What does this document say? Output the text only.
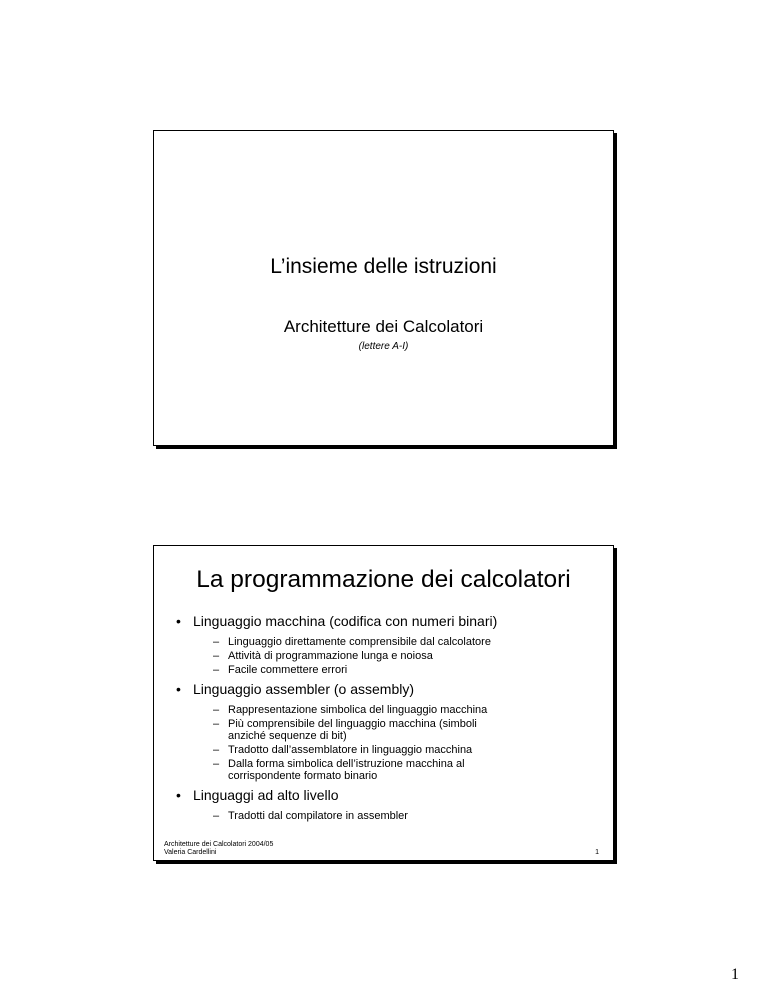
L’insieme delle istruzioni
Architetture dei Calcolatori
(lettere A-I)
La programmazione dei calcolatori
• Linguaggio macchina (codifica con numeri binari)
– Linguaggio direttamente comprensibile dal calcolatore
– Attività di programmazione lunga e noiosa
– Facile commettere errori
• Linguaggio assembler (o assembly)
– Rappresentazione simbolica del linguaggio macchina
– Più comprensibile del linguaggio macchina (simboli anziché sequenze di bit)
– Tradotto dall’assemblatore in linguaggio macchina
– Dalla forma simbolica dell’istruzione macchina al corrispondente formato binario
• Linguaggi ad alto livello
– Tradotti dal compilatore in assembler
Architetture dei Calcolatori 2004/05
Valeria Cardellini	1
1
